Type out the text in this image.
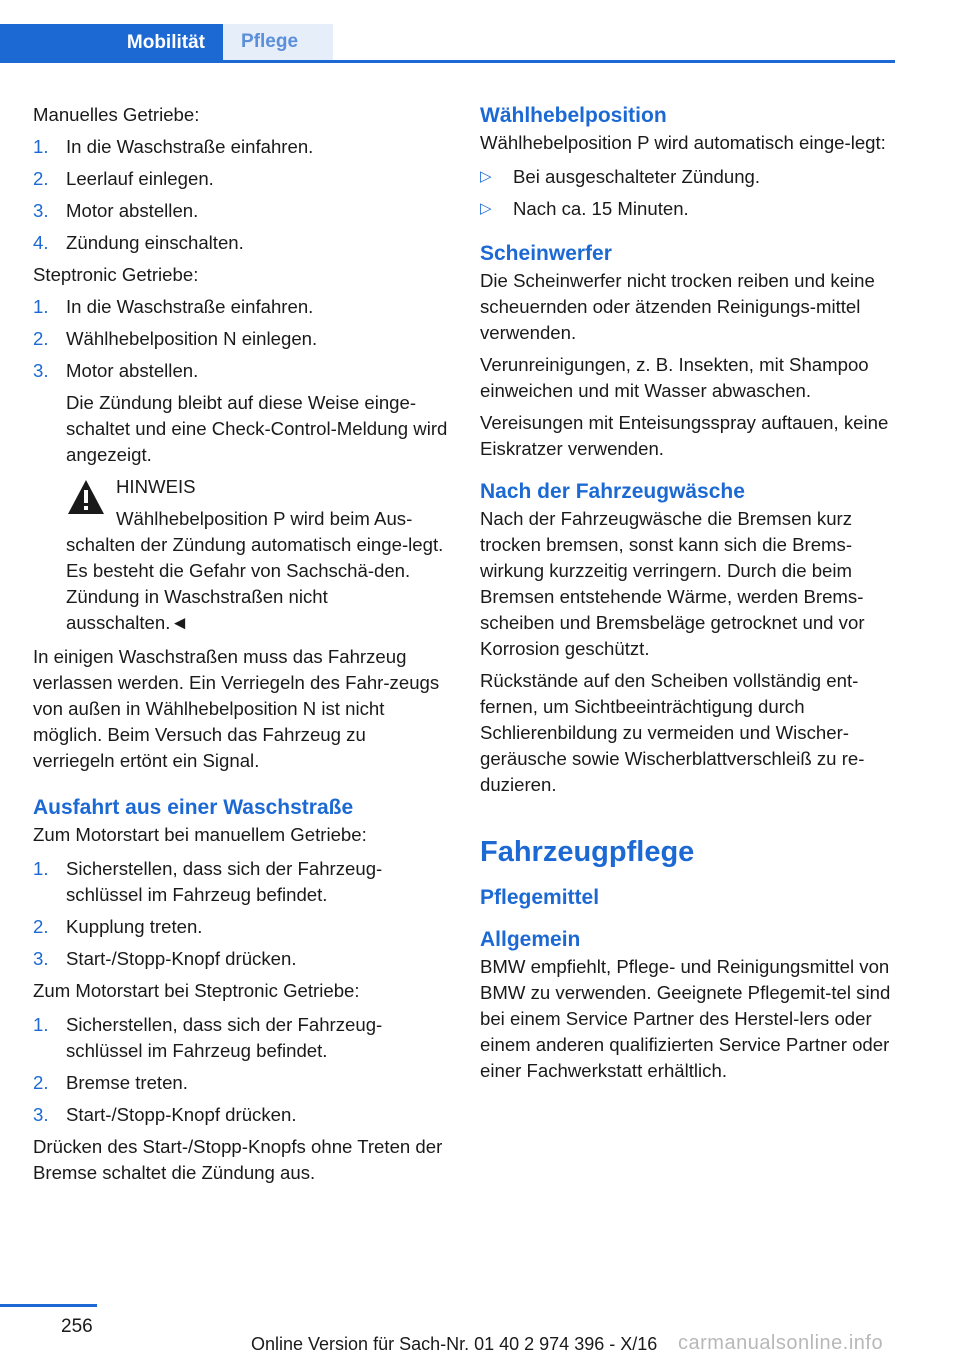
Mobilität	Pflege

Manuelles Getriebe:

1. In die Waschstraße einfahren.
2. Leerlauf einlegen.
3. Motor abstellen.
4. Zündung einschalten.

Steptronic Getriebe:

1. In die Waschstraße einfahren.
2. Wählhebelposition N einlegen.
3. Motor abstellen.
Die Zündung bleibt auf diese Weise einge‐schaltet und eine Check-Control-Meldung wird angezeigt.
HINWEIS
Wählhebelposition P wird beim Aus‐
schalten der Zündung automatisch einge‐legt. Es besteht die Gefahr von Sachschä‐den. Zündung in Waschstraßen nicht ausschalten.◄

In einigen Waschstraßen muss das Fahrzeug verlassen werden. Ein Verriegeln des Fahr‐zeugs von außen in Wählhebelposition N ist nicht möglich. Beim Versuch das Fahrzeug zu verriegeln ertönt ein Signal.

Ausfahrt aus einer Waschstraße

Zum Motorstart bei manuellem Getriebe:

1. Sicherstellen, dass sich der Fahrzeug‐schlüssel im Fahrzeug befindet.
2. Kupplung treten.
3. Start-/Stopp-Knopf drücken.

Zum Motorstart bei Steptronic Getriebe:

1. Sicherstellen, dass sich der Fahrzeug‐schlüssel im Fahrzeug befindet.
2. Bremse treten.
3. Start-/Stopp-Knopf drücken.

Drücken des Start-/Stopp-Knopfs ohne Treten der Bremse schaltet die Zündung aus.

Wählhebelposition

Wählhebelposition P wird automatisch einge‐legt:

▷ Bei ausgeschalteter Zündung.
▷ Nach ca. 15 Minuten.
Scheinwerfer

Die Scheinwerfer nicht trocken reiben und keine scheuernden oder ätzenden Reinigungs‐mittel verwenden.

Verunreinigungen, z. B. Insekten, mit Shampoo einweichen und mit Wasser abwaschen.

Vereisungen mit Enteisungsspray auftauen, keine Eiskratzer verwenden.

Nach der Fahrzeugwäsche

Nach der Fahrzeugwäsche die Bremsen kurz trocken bremsen, sonst kann sich die Brems‐wirkung kurzzeitig verringern. Durch die beim Bremsen entstehende Wärme, werden Brems‐scheiben und Bremsbeläge getrocknet und vor Korrosion geschützt.

Rückstände auf den Scheiben vollständig ent‐fernen, um Sichtbeeinträchtigung durch Schlierenbildung zu vermeiden und Wischer‐geräusche sowie Wischerblattverschleiß zu re‐duzieren.

Fahrzeugpflege
Pflegemittel
Allgemein

BMW empfiehlt, Pflege- und Reinigungsmittel von BMW zu verwenden. Geeignete Pflegemit‐tel sind bei einem Service Partner des Herstel‐lers oder einem anderen qualifizierten Service Partner oder einer Fachwerkstatt erhältlich.

256
Online Version für Sach-Nr. 01 40 2 974 396 - X/16 carmanualsonline.info
